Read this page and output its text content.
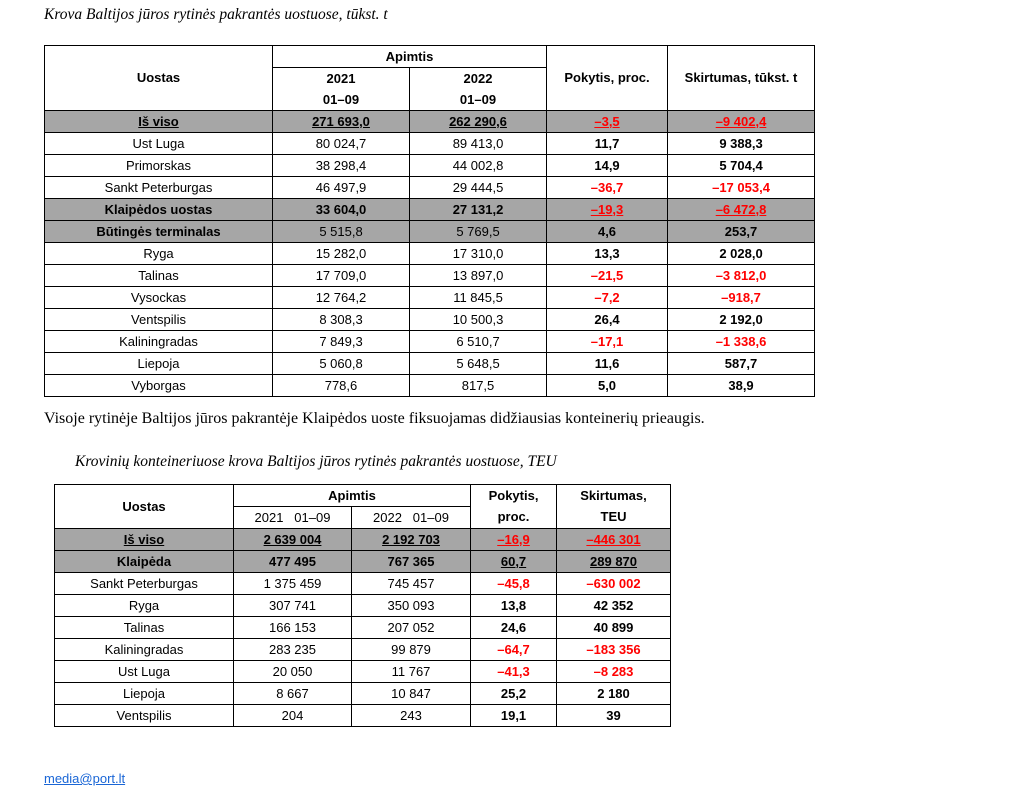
Krova Baltijos jūros rytinės pakrantės uostuose, tūkst. t
Uostas	Apimtis		Pokytis, proc.	Skirtumas, tūkst. t
	2021	2022		
	01–09	01–09		
Iš viso	271 693,0	262 290,6	–3,5	–9 402,4
Ust Luga	80 024,7	89 413,0	11,7	9 388,3
Primorskas	38 298,4	44 002,8	14,9	5 704,4
Sankt Peterburgas	46 497,9	29 444,5	–36,7	–17 053,4
Klaipėdos uostas	33 604,0	27 131,2	–19,3	–6 472,8
Būtingės terminalas	5 515,8	5 769,5	4,6	253,7
Ryga	15 282,0	17 310,0	13,3	2 028,0
Talinas	17 709,0	13 897,0	–21,5	–3 812,0
Vysockas	12 764,2	11 845,5	–7,2	–918,7
Ventspilis	8 308,3	10 500,3	26,4	2 192,0
Kaliningradas	7 849,3	6 510,7	–17,1	–1 338,6
Liepoja	5 060,8	5 648,5	11,6	587,7
Vyborgas	778,6	817,5	5,0	38,9
Visoje rytinėje Baltijos jūros pakrantėje Klaipėdos uoste fiksuojamas didžiausias konteinerių prieaugis.
Krovinių konteineriuose krova Baltijos jūros rytinės pakrantės uostuose, TEU
Uostas	Apimtis		Pokytis,	Skirtumas,
	2021   01–09	2022   01–09	proc.	TEU
Iš viso	2 639 004	2 192 703	–16,9	–446 301
Klaipėda	477 495	767 365	60,7	289 870
Sankt Peterburgas	1 375 459	745 457	–45,8	–630 002
Ryga	307 741	350 093	13,8	42 352
Talinas	166 153	207 052	24,6	40 899
Kaliningradas	283 235	99 879	–64,7	–183 356
Ust Luga	20 050	11 767	–41,3	–8 283
Liepoja	8 667	10 847	25,2	2 180
Ventspilis	204	243	19,1	39
media@port.lt
